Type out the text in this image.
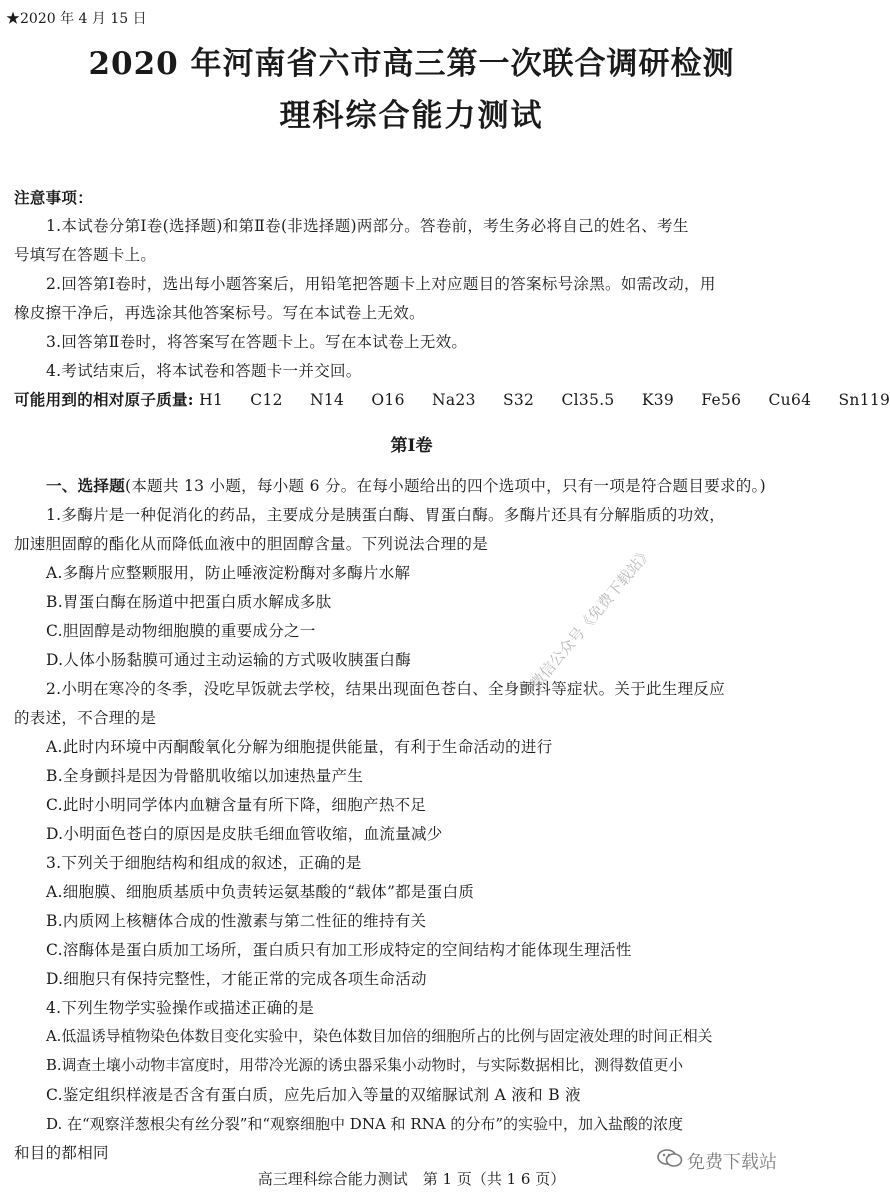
★2020 年 4 月 15 日
2020 年河南省六市高三第一次联合调研检测
理科综合能力测试
注意事项：
1.本试卷分第Ⅰ卷(选择题)和第Ⅱ卷(非选择题)两部分。答卷前，考生务必将自己的姓名、考生
号填写在答题卡上。
2.回答第Ⅰ卷时，选出每小题答案后，用铅笔把答题卡上对应题目的答案标号涂黑。如需改动，用
橡皮擦干净后，再选涂其他答案标号。写在本试卷上无效。
3.回答第Ⅱ卷时，将答案写在答题卡上。写在本试卷上无效。
4.考试结束后，将本试卷和答题卡一并交回。
可能用到的相对原子质量: H1 C12 N14 O16 Na23 S32 Cl35.5 K39 Fe56 Cu64 Sn119
第Ⅰ卷
一、选择题(本题共 13 小题，每小题 6 分。在每小题给出的四个选项中，只有一项是符合题目要求的。)
1.多酶片是一种促消化的药品，主要成分是胰蛋白酶、胃蛋白酶。多酶片还具有分解脂质的功效，
加速胆固醇的酯化从而降低血液中的胆固醇含量。下列说法合理的是
A.多酶片应整颗服用，防止唾液淀粉酶对多酶片水解
B.胃蛋白酶在肠道中把蛋白质水解成多肽
C.胆固醇是动物细胞膜的重要成分之一
D.人体小肠黏膜可通过主动运输的方式吸收胰蛋白酶
2.小明在寒冷的冬季，没吃早饭就去学校，结果出现面色苍白、全身颤抖等症状。关于此生理反应
的表述，不合理的是
A.此时内环境中丙酮酸氧化分解为细胞提供能量，有利于生命活动的进行
B.全身颤抖是因为骨骼肌收缩以加速热量产生
C.此时小明同学体内血糖含量有所下降，细胞产热不足
D.小明面色苍白的原因是皮肤毛细血管收缩，血流量减少
3.下列关于细胞结构和组成的叙述，正确的是
A.细胞膜、细胞质基质中负责转运氨基酸的“载体”都是蛋白质
B.内质网上核糖体合成的性激素与第二性征的维持有关
C.溶酶体是蛋白质加工场所，蛋白质只有加工形成特定的空间结构才能体现生理活性
D.细胞只有保持完整性，才能正常的完成各项生命活动
4.下列生物学实验操作或描述正确的是
A.低温诱导植物染色体数目变化实验中，染色体数目加倍的细胞所占的比例与固定液处理的时间正相关
B.调查土壤小动物丰富度时，用带冷光源的诱虫器采集小动物时，与实际数据相比，测得数值更小
C.鉴定组织样液是否含有蛋白质，应先后加入等量的双缩脲试剂 A 液和 B 液
D. 在“观察洋葱根尖有丝分裂”和“观察细胞中 DNA 和 RNA 的分布”的实验中，加入盐酸的浓度
和目的都相同
微信公众号《免费下载站》
免费下载站
高三理科综合能力测试　第 1 页（共 1 6 页）
